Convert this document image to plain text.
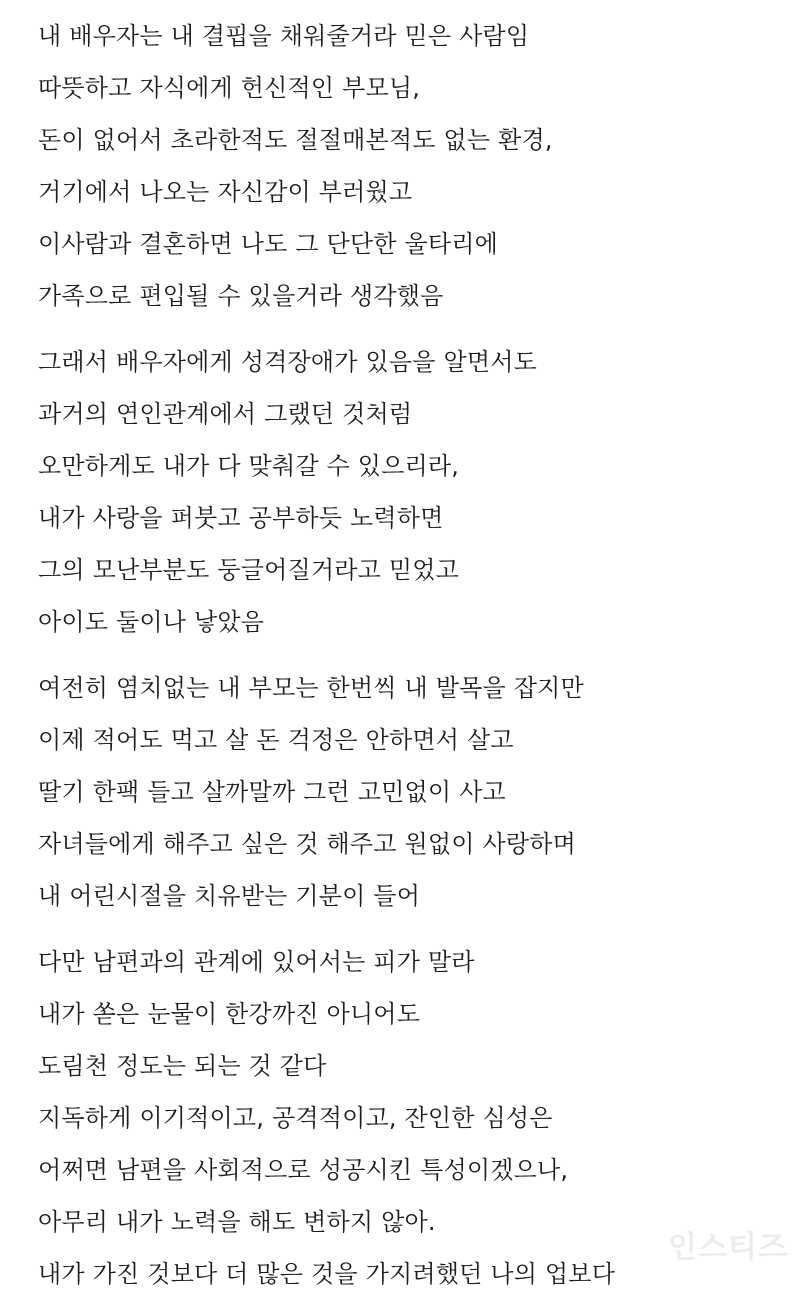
내 배우자는 내 결핍을 채워줄거라 믿은 사람임
따뜻하고 자식에게 헌신적인 부모님,
돈이 없어서 초라한적도 절절매본적도 없는 환경,
거기에서 나오는 자신감이 부러웠고
이사람과 결혼하면 나도 그 단단한 울타리에
가족으로 편입될 수 있을거라 생각했음
그래서 배우자에게 성격장애가 있음을 알면서도
과거의 연인관계에서 그랬던 것처럼
오만하게도 내가 다 맞춰갈 수 있으리라,
내가 사랑을 퍼붓고 공부하듯 노력하면
그의 모난부분도 둥글어질거라고 믿었고
아이도 둘이나 낳았음
여전히 염치없는 내 부모는 한번씩 내 발목을 잡지만
이제 적어도 먹고 살 돈 걱정은 안하면서 살고
딸기 한팩 들고 살까말까 그런 고민없이 사고
자녀들에게 해주고 싶은 것 해주고 원없이 사랑하며
내 어린시절을 치유받는 기분이 들어
다만 남편과의 관계에 있어서는 피가 말라
내가 쏟은 눈물이 한강까진 아니어도
도림천 정도는 되는 것 같다
지독하게 이기적이고, 공격적이고, 잔인한 심성은
어쩌면 남편을 사회적으로 성공시킨 특성이겠으나,
아무리 내가 노력을 해도 변하지 않아.
내가 가진 것보다 더 많은 것을 가지려했던 나의 업보다
인스티즈
